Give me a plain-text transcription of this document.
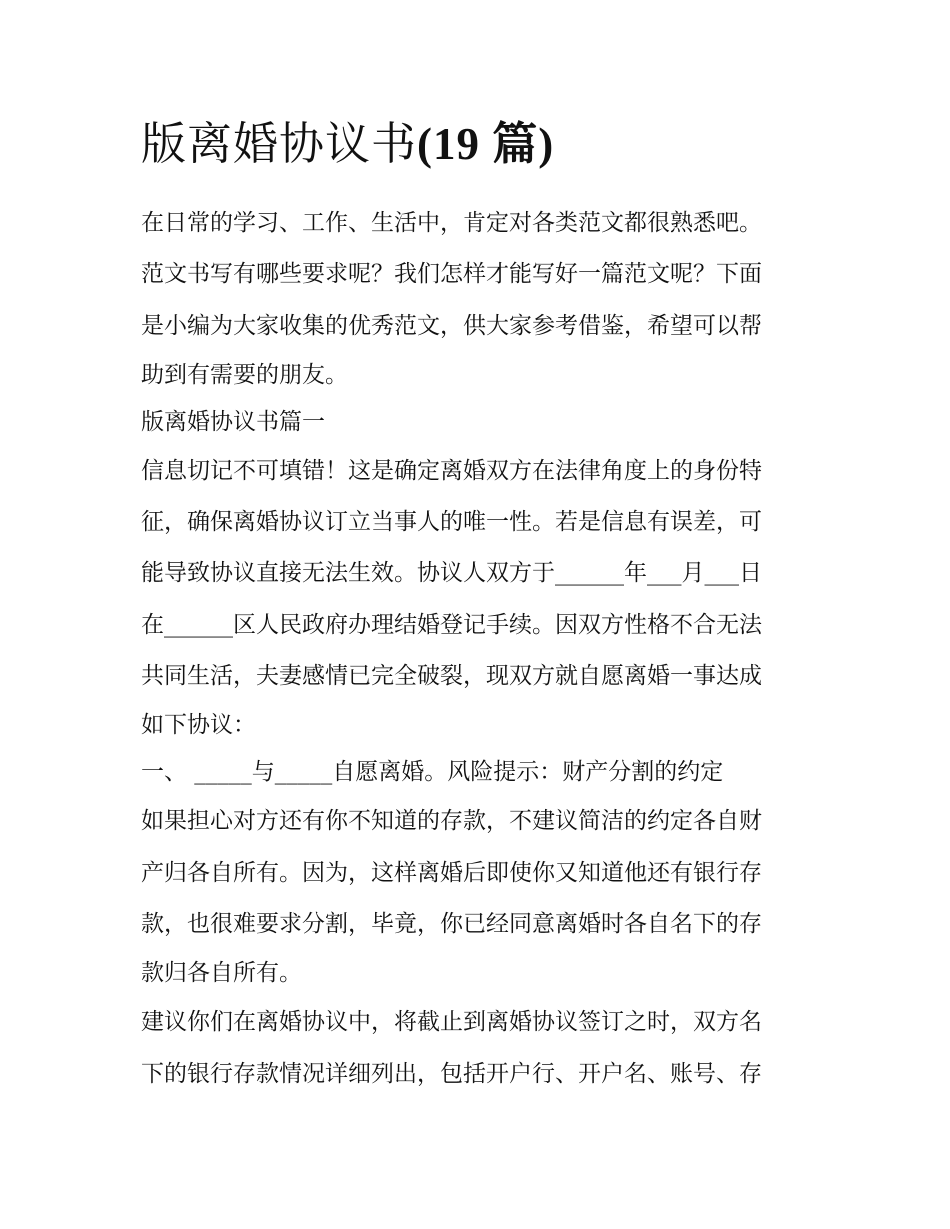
版离婚协议书(19 篇)
在日常的学习、工作、生活中，肯定对各类范文都很熟悉吧。
范文书写有哪些要求呢？我们怎样才能写好一篇范文呢？下面
是小编为大家收集的优秀范文，供大家参考借鉴，希望可以帮
助到有需要的朋友。
版离婚协议书篇一
信息切记不可填错！这是确定离婚双方在法律角度上的身份特
征，确保离婚协议订立当事人的唯一性。若是信息有误差，可
能导致协议直接无法生效。协议人双方于______年___月___日
在______区人民政府办理结婚登记手续。因双方性格不合无法
共同生活，夫妻感情已完全破裂，现双方就自愿离婚一事达成
如下协议：
一、 _____与_____自愿离婚。风险提示：财产分割的约定
如果担心对方还有你不知道的存款，不建议简洁的约定各自财
产归各自所有。因为，这样离婚后即使你又知道他还有银行存
款，也很难要求分割，毕竟，你已经同意离婚时各自名下的存
款归各自所有。
建议你们在离婚协议中，将截止到离婚协议签订之时，双方名
下的银行存款情况详细列出，包括开户行、开户名、账号、存
